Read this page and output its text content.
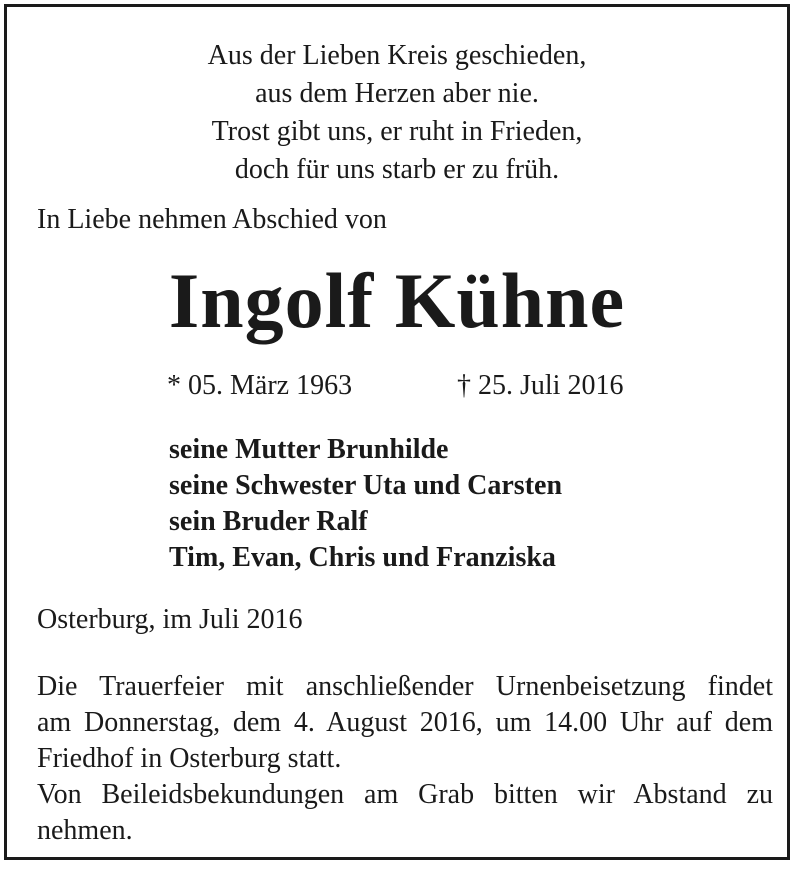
Aus der Lieben Kreis geschieden,
aus dem Herzen aber nie.
Trost gibt uns, er ruht in Frieden,
doch für uns starb er zu früh.
In Liebe nehmen Abschied von
Ingolf Kühne
* 05. März 1963	† 25. Juli 2016
seine Mutter Brunhilde
seine Schwester Uta und Carsten
sein Bruder Ralf
Tim, Evan, Chris und Franziska
Osterburg, im Juli 2016
Die Trauerfeier mit anschließender Urnenbeisetzung findet
am Donnerstag, dem 4. August 2016, um 14.00 Uhr auf dem
Friedhof in Osterburg statt.
Von Beileidsbekundungen am Grab bitten wir Abstand zu
nehmen.
